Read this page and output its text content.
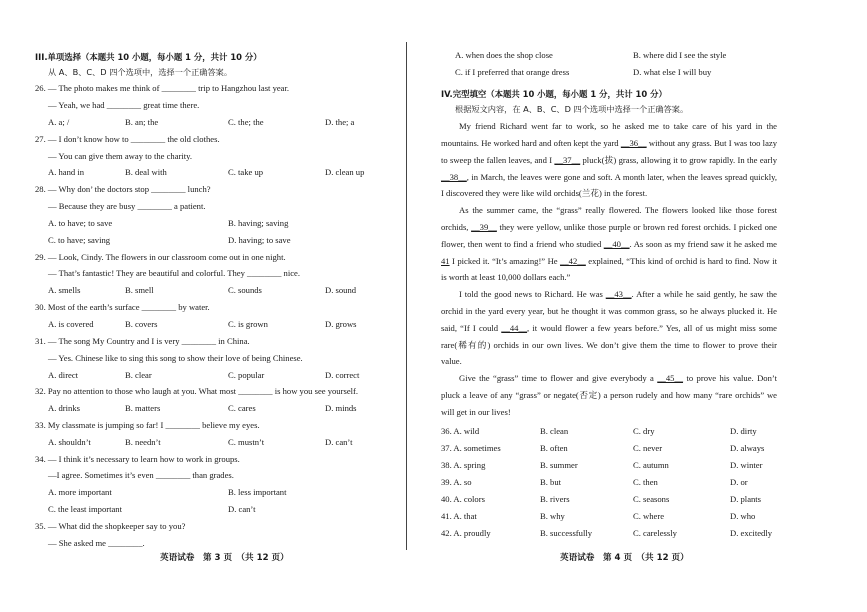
III.单项选择（本题共 10 小题，每小题 1 分，共计 10 分）
从 A、B、C、D 四个选项中，选择一个正确答案。
26. — The photo makes me think of ________ trip to Hangzhou last year.
— Yeah, we had ________ great time there.
A. a; /	B. an; the	C. the; the	D. the; a
27. — I don’t know how to ________ the old clothes.
— You can give them away to the charity.
A. hand in	B. deal with	C. take up	D. clean up
28. — Why don’ the doctors stop ________ lunch?
— Because they are busy ________ a patient.
A. to have; to save	B. having; saving
C. to have; saving	D. having; to save
29. — Look, Cindy. The flowers in our classroom come out in one night.
— That’s fantastic! They are beautiful and colorful. They ________ nice.
A. smells	B. smell	C. sounds	D. sound
30. Most of the earth’s surface ________ by water.
A. is covered	B. covers	C. is grown	D. grows
31. — The song My Country and I is very ________ in China.
— Yes. Chinese like to sing this song to show their love of being Chinese.
A. direct	B. clear	C. popular	D. correct
32. Pay no attention to those who laugh at you. What most ________ is how you see yourself.
A. drinks	B. matters	C. cares	D. minds
33. My classmate is jumping so far! I ________ believe my eyes.
A. shouldn’t	B. needn’t	C. mustn’t	D. can’t
34. — I think it’s necessary to learn how to work in groups.
—I agree. Sometimes it’s even ________ than grades.
A. more important	B. less important
C. the least important	D. can’t
35. — What did the shopkeeper say to you?
— She asked me ________.
英语试卷　第 3 页　（共 12 页）
A. when does the shop close	B. where did I see the style
C. if I preferred that orange dress	D. what else I will buy
IV.完型填空（本题共 10 小题，每小题 1 分，共计 10 分）
根据短文内容，在 A、B、C、D 四个选项中选择一个正确答案。
My friend Richard went far to work, so he asked me to take care of his yard in the mountains. He worked hard and often kept the yard __36__ without any grass. But I was too lazy to sweep the fallen leaves, and I __37__ pluck(拔) grass, allowing it to grow rapidly. In the early __38__, in March, the leaves were gone and soft. A month later, when the leaves spread quickly, I discovered they were like wild orchids(兰花) in the forest.
As the summer came, the “grass” really flowered. The flowers looked like those forest orchids, __39__ they were yellow, unlike those purple or brown red forest orchids. I picked one flower, then went to find a friend who studied __40__. As soon as my friend saw it he asked me 41 I picked it. “It’s amazing!” He __42__ explained, “This kind of orchid is hard to find. Now it is worth at least 10,000 dollars each.”
I told the good news to Richard. He was __43__. After a while he said gently, he saw the orchid in the yard every year, but he thought it was common grass, so he always plucked it. He said, “If I could __44__, it would flower a few years before.” Yes, all of us might miss some rare(稀有的) orchids in our own lives. We don’t give them the time to flower to prove their value.
Give the “grass” time to flower and give everybody a __45__ to prove his value. Don’t pluck a leave of any “grass” or negate(否定) a person rudely and how many “rare orchids” we will get in our lives!
36. A. wild	B. clean	C. dry	D. dirty
37. A. sometimes	B. often	C. never	D. always
38. A. spring	B. summer	C. autumn	D. winter
39. A. so	B. but	C. then	D. or
40. A. colors	B. rivers	C. seasons	D. plants
41. A. that	B. why	C. where	D. who
42. A. proudly	B. successfully	C. carelessly	D. excitedly
英语试卷　第 4 页　（共 12 页）
